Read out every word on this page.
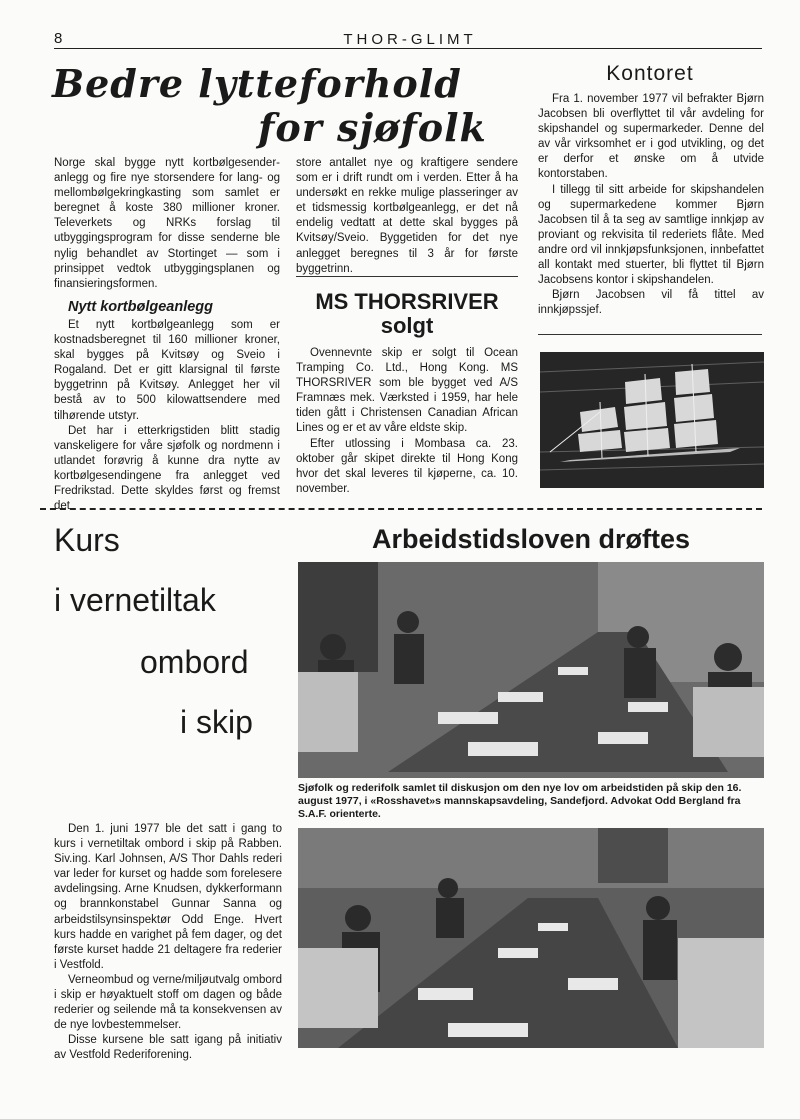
8	THOR-GLIMT
Bedre lytteforhold
for sjøfolk

Norge skal bygge nytt kortbølgesenderanlegg og fire nye storsendere for lang- og mellombølgekringkasting som samlet er beregnet å koste 380 millioner kroner. Televerkets og NRKs forslag til utbyggingsprogram for disse senderne ble nylig behandlet av Stortinget — som i prinsippet vedtok utbyggingsplanen og finansieringsformen.

Nytt kortbølgeanlegg

Et nytt kortbølgeanlegg som er kostnadsberegnet til 160 millioner kroner, skal bygges på Kvitsøy og Sveio i Rogaland. Det er gitt klarsignal til første byggetrinn på Kvitsøy. Anlegget her vil bestå av to 500 kilowattsendere med tilhørende utstyr.

Det har i etterkrigstiden blitt stadig vanskeligere for våre sjøfolk og nordmenn i utlandet forøvrig å kunne dra nytte av kortbølgesendingene fra anlegget ved Fredrikstad. Dette skyldes først og fremst det

store antallet nye og kraftigere sendere som er i drift rundt om i verden. Etter å ha undersøkt en rekke mulige plasseringer av et tidsmessig kortbølgeanlegg, er det nå endelig vedtatt at dette skal bygges på Kvitsøy/Sveio. Byggetiden for det nye anlegget beregnes til 3 år for første byggetrinn.

MS THORSRIVER
solgt

Ovennevnte skip er solgt til Ocean Tramping Co. Ltd., Hong Kong. MS THORSRIVER som ble bygget ved A/S Framnæs mek. Værksted i 1959, har hele tiden gått i Christensen Canadian African Lines og er et av våre eldste skip.

Efter utlossing i Mombasa ca. 23. oktober går skipet direkte til Hong Kong hvor det skal leveres til kjøperne, ca. 10. november.

Kontoret

Fra 1. november 1977 vil befrakter Bjørn Jacobsen bli overflyttet til vår avdeling for skipshandel og supermarkeder. Denne del av vår virksomhet er i god utvikling, og det er derfor et ønske om å utvide kontorstaben.

I tillegg til sitt arbeide for skipshandelen og supermarkedene kommer Bjørn Jacobsen til å ta seg av samtlige innkjøp av proviant og rekvisita til rederiets flåte. Med andre ord vil innkjøpsfunksjonen, innbefattet all kontakt med stuerter, bli flyttet til Bjørn Jacobsens kontor i skipshandelen.

Bjørn Jacobsen vil få tittel av innkjøpssjef.

Kurs
i vernetiltak
ombord
i skip

Den 1. juni 1977 ble det satt i gang to kurs i vernetiltak ombord i skip på Rabben. Siv.ing. Karl Johnsen, A/S Thor Dahls rederi var leder for kurset og hadde som forelesere avdelingsing. Arne Knudsen, dykkerformann og brannkonstabel Gunnar Sanna og arbeidstilsynsinspektør Odd Enge. Hvert kurs hadde en varighet på fem dager, og det første kurset hadde 21 deltagere fra rederier i Vestfold.

Verneombud og verne/miljøutvalg ombord i skip er høyaktuelt stoff om dagen og både rederier og seilende må ta konsekvensen av de nye lovbestemmelser.

Disse kursene ble satt igang på initiativ av Vestfold Rederiforening.

Arbeidstidsloven drøftes
Sjøfolk og rederifolk samlet til diskusjon om den nye lov om arbeidstiden på skip den 16. august 1977, i «Rosshavet»s mannskapsavdeling, Sandefjord. Advokat Odd Bergland fra S.A.F. orienterte.
